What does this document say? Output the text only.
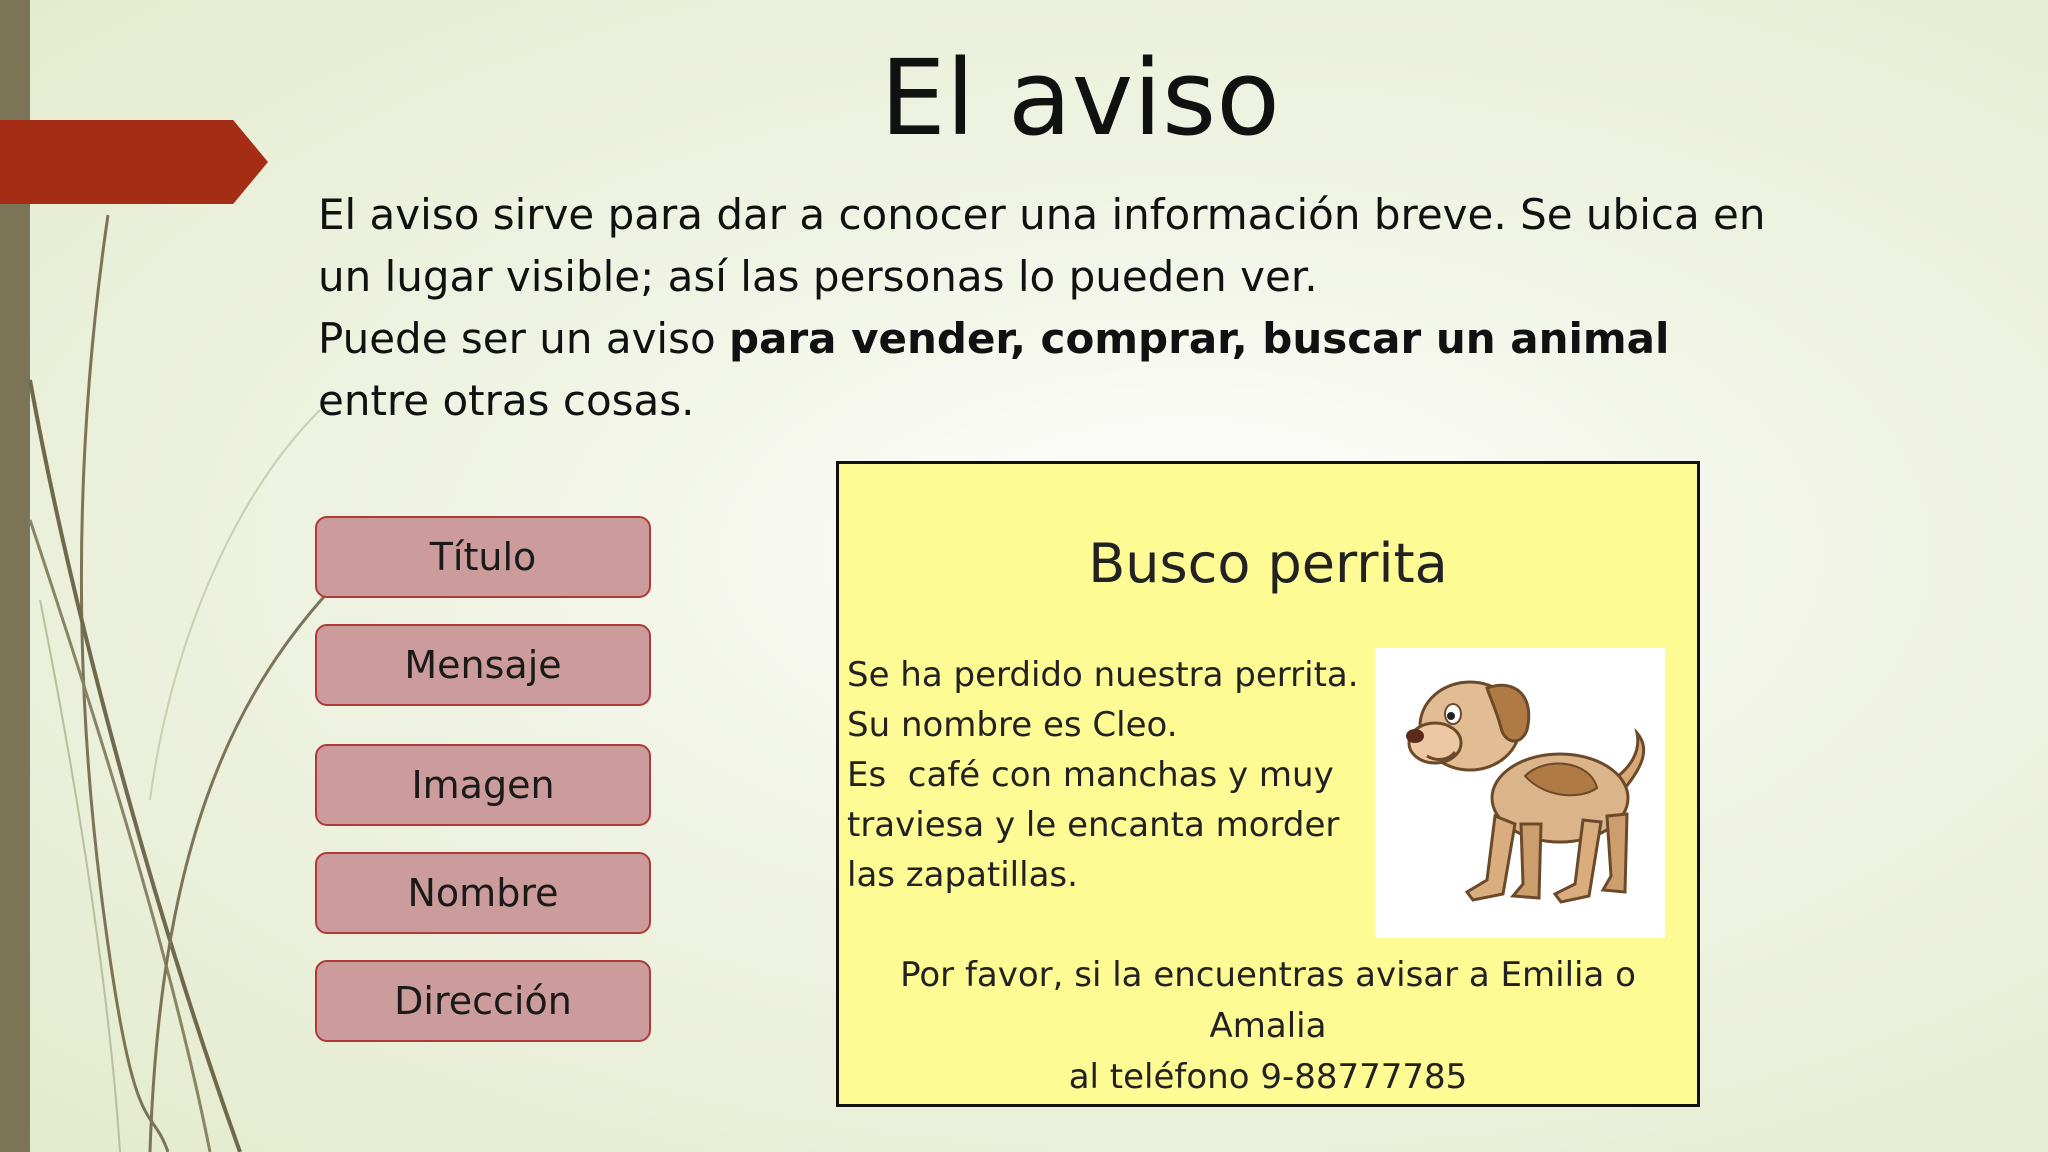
El aviso

El aviso sirve para dar a conocer una información breve. Se ubica en un lugar visible; así las personas lo pueden ver.

Puede ser un aviso para vender, comprar, buscar un animal entre otras cosas.

Título
Mensaje
Imagen
Nombre
Dirección
Busco perrita
Se ha perdido nuestra perrita.
Su nombre es Cleo.
Es  café con manchas y muy
traviesa y le encanta morder
las zapatillas.
Por favor, si la encuentras avisar a Emilia o Amalia
al teléfono 9-88777785
